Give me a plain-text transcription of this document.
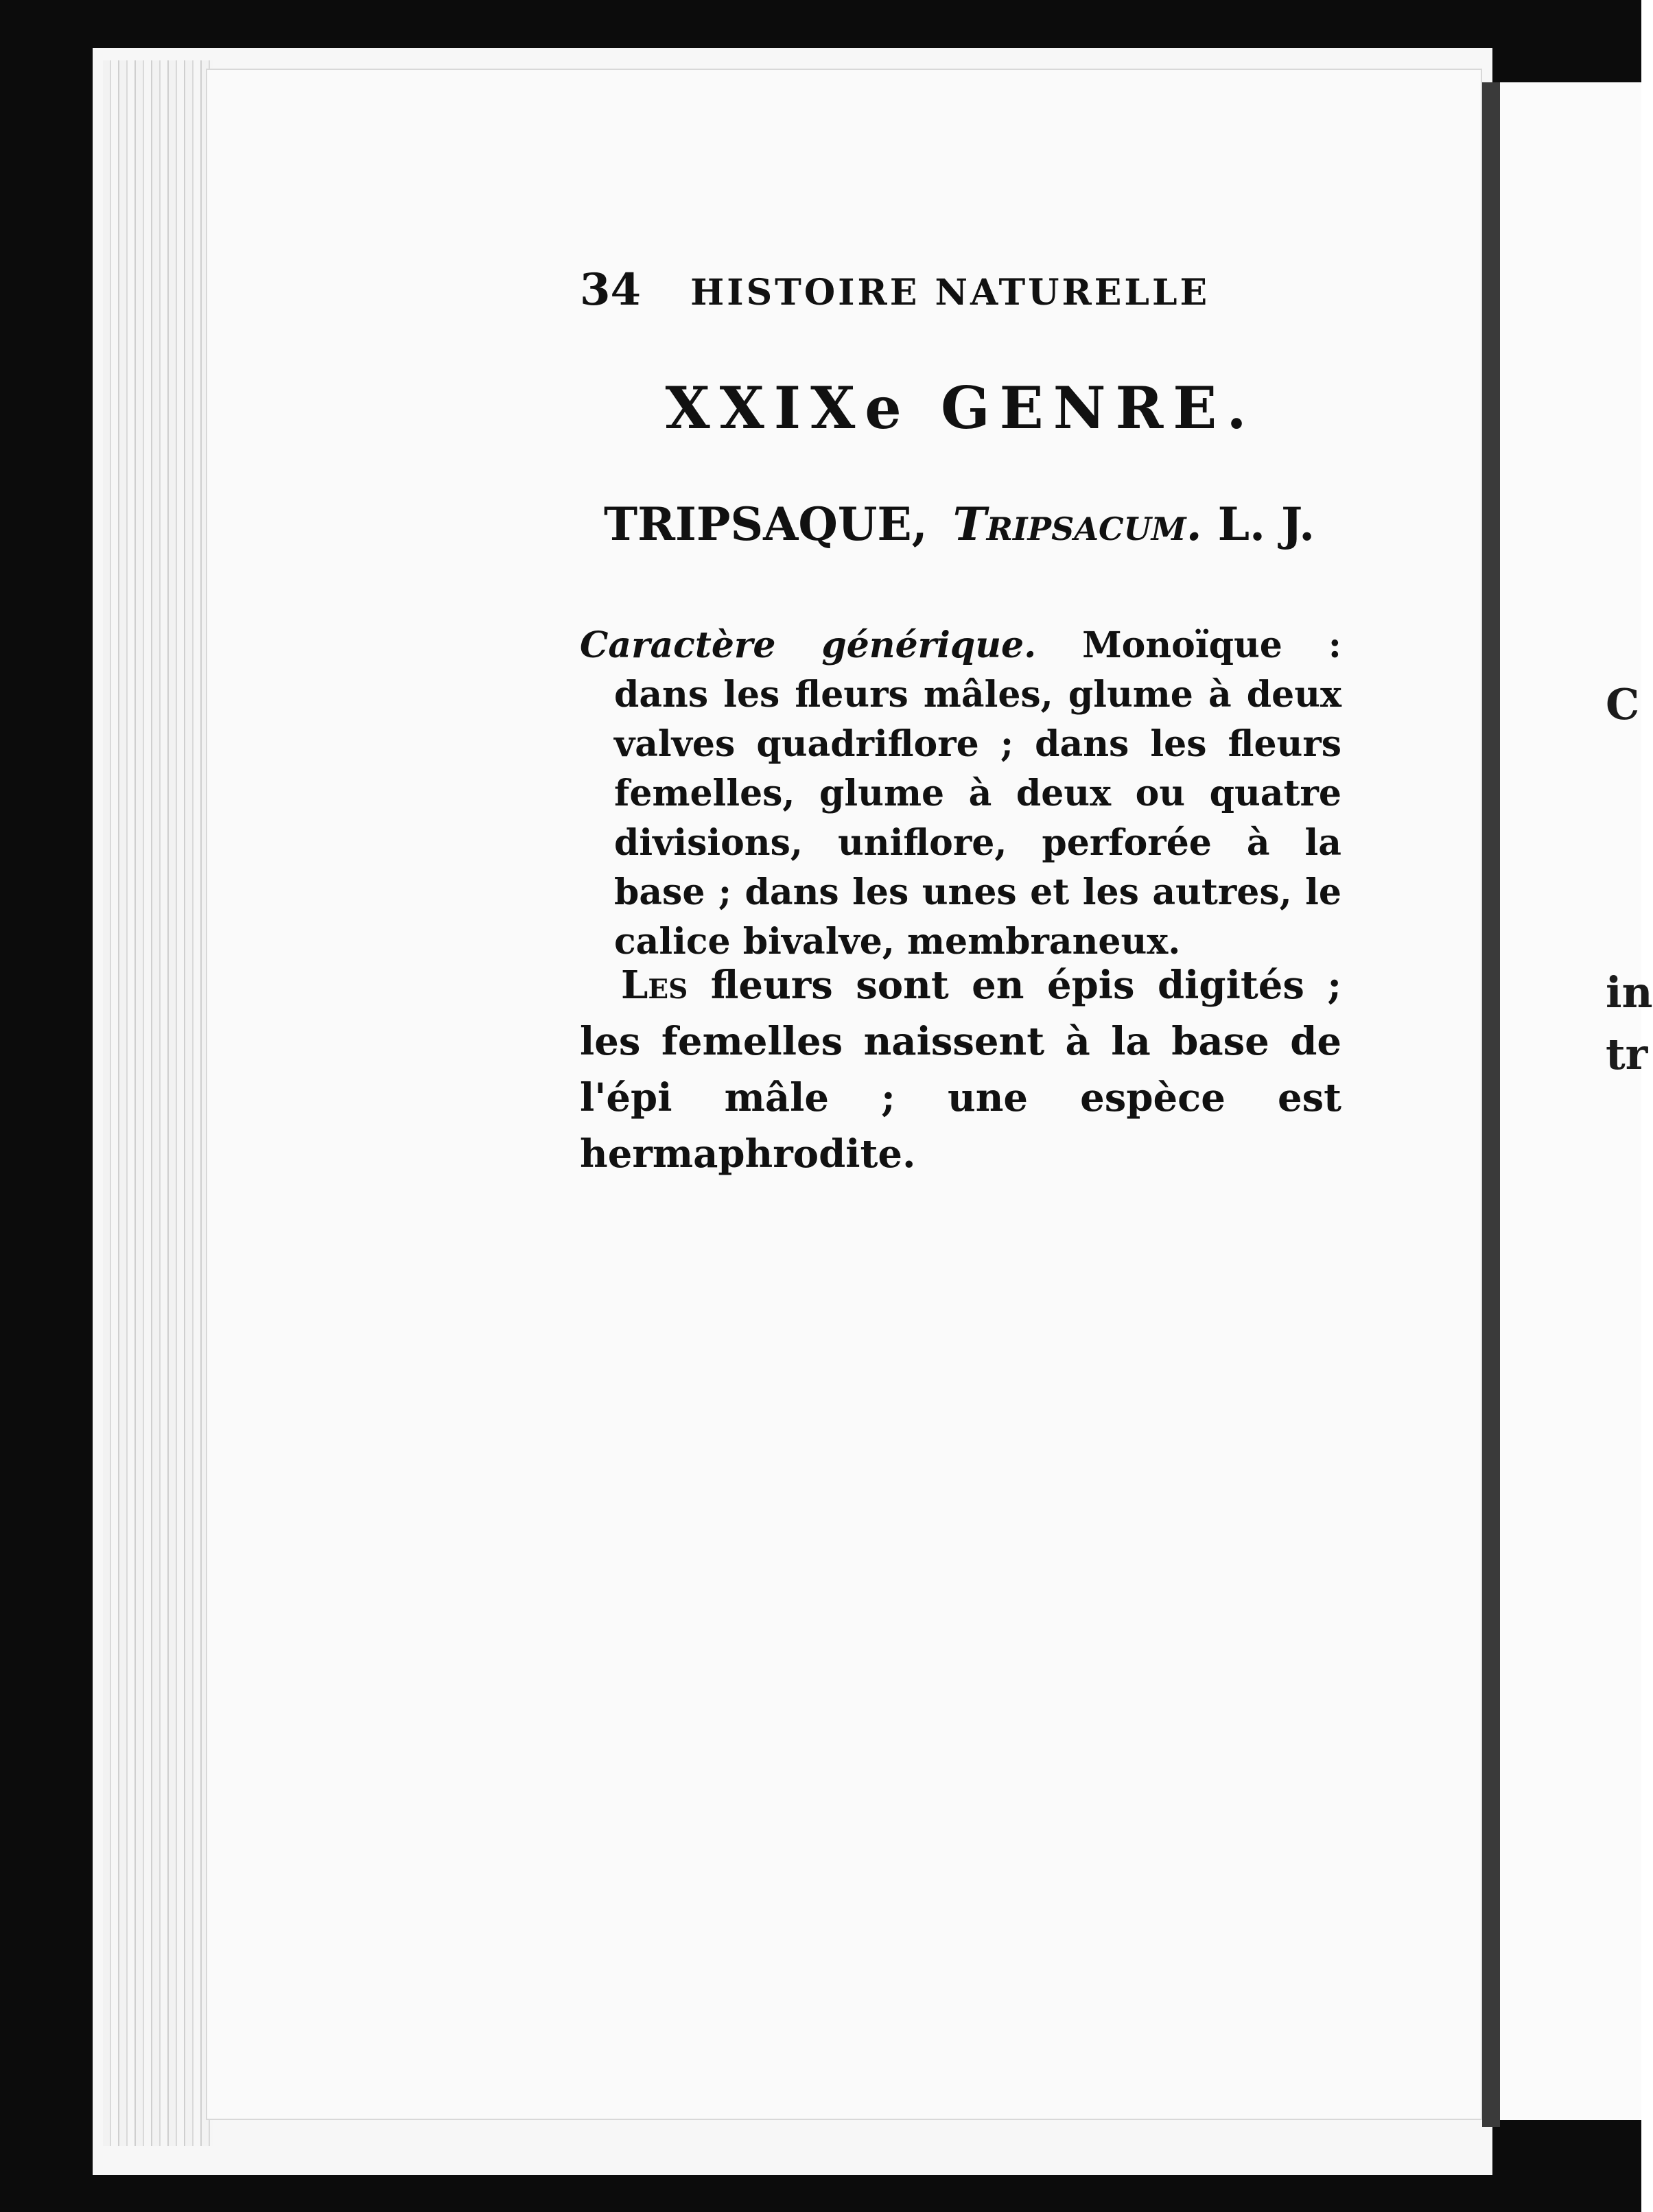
C
in
tr
34 HISTOIRE NATURELLE
XXIXe GENRE.
TRIPSAQUE, Tripsacum. L. J.

Caractère générique. Monoïque : dans les fleurs mâles, glume à deux valves quadriflore ; dans les fleurs femelles, glume à deux ou quatre divisions, uniflore, perforée à la base ; dans les unes et les autres, le calice bivalve, membraneux.

Les fleurs sont en épis digités ; les femelles naissent à la base de l'épi mâle ; une espèce est hermaphrodite.
